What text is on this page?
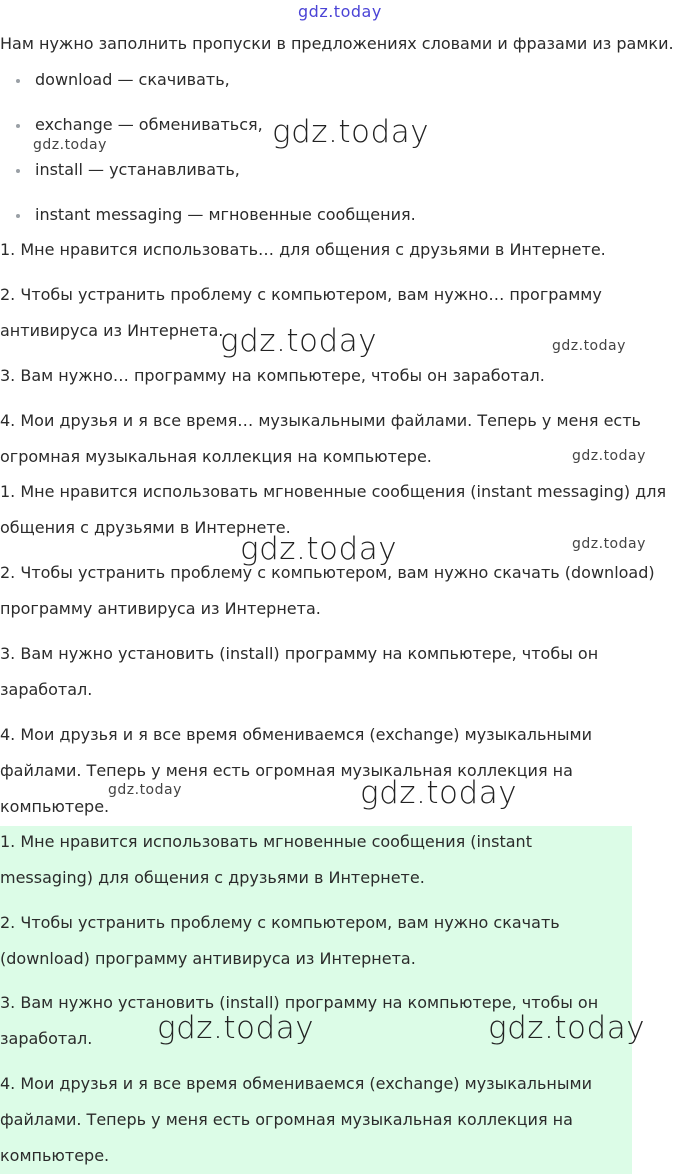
gdz.today

Нам нужно заполнить пропуски в предложениях словами и фразами из рамки.

download — скачивать,
exchange — обмениваться,
install — устанавливать,
instant messaging — мгновенные сообщения.

1. Мне нравится использовать… для общения с друзьями в Интернете.

2. Чтобы устранить проблему с компьютером, вам нужно… программу

антивируса из Интернета.

3. Вам нужно… программу на компьютере, чтобы он заработал.

4. Мои друзья и я все время… музыкальными файлами. Теперь у меня есть

огромная музыкальная коллекция на компьютере.

1. Мне нравится использовать мгновенные сообщения (instant messaging) для

общения с друзьями в Интернете.

2. Чтобы устранить проблему с компьютером, вам нужно скачать (download)

программу антивируса из Интернета.

3. Вам нужно установить (install) программу на компьютере, чтобы он

заработал.

4. Мои друзья и я все время обмениваемся (exchange) музыкальными

файлами. Теперь у меня есть огромная музыкальная коллекция на

компьютере.

1. Мне нравится использовать мгновенные сообщения (instant

messaging) для общения с друзьями в Интернете.

2. Чтобы устранить проблему с компьютером, вам нужно скачать

(download) программу антивируса из Интернета.

3. Вам нужно установить (install) программу на компьютере, чтобы он

заработал.

4. Мои друзья и я все время обмениваемся (exchange) музыкальными

файлами. Теперь у меня есть огромная музыкальная коллекция на

компьютере.

gdz.today	gdz.today
gdz.today	gdz.today
gdz.today
gdz.today	gdz.today
gdz.today	gdz.today
gdz.today	gdz.today
